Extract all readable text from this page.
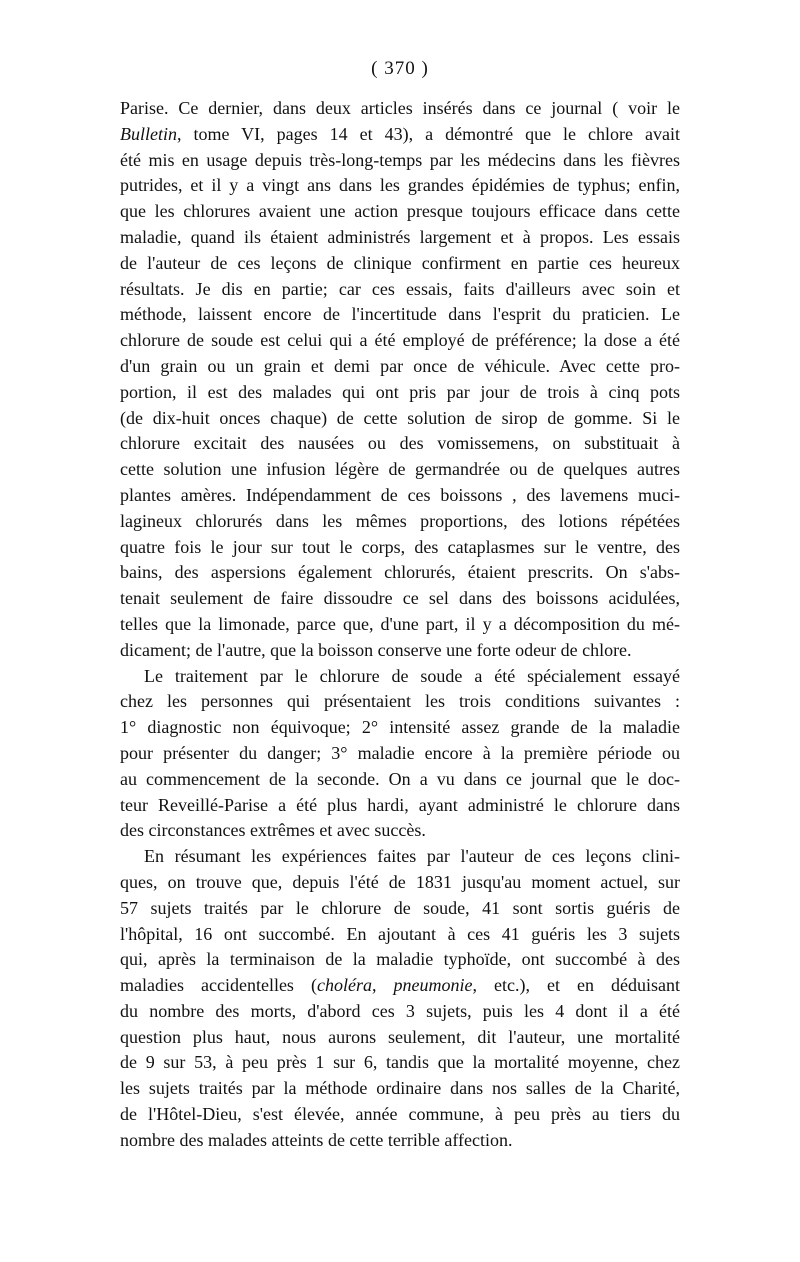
( 370 )
Parise. Ce dernier, dans deux articles insérés dans ce journal ( voir le
Bulletin, tome VI, pages 14 et 43), a démontré que le chlore avait
été mis en usage depuis très-long-temps par les médecins dans les fièvres
putrides, et il y a vingt ans dans les grandes épidémies de typhus; enfin,
que les chlorures avaient une action presque toujours efficace dans cette
maladie, quand ils étaient administrés largement et à propos. Les essais
de l'auteur de ces leçons de clinique confirment en partie ces heureux
résultats. Je dis en partie; car ces essais, faits d'ailleurs avec soin et
méthode, laissent encore de l'incertitude dans l'esprit du praticien. Le
chlorure de soude est celui qui a été employé de préférence; la dose a été
d'un grain ou un grain et demi par once de véhicule. Avec cette pro-
portion, il est des malades qui ont pris par jour de trois à cinq pots
(de dix-huit onces chaque) de cette solution de sirop de gomme. Si le
chlorure excitait des nausées ou des vomissemens, on substituait à
cette solution une infusion légère de germandrée ou de quelques autres
plantes amères. Indépendamment de ces boissons , des lavemens muci-
lagineux chlorurés dans les mêmes proportions, des lotions répétées
quatre fois le jour sur tout le corps, des cataplasmes sur le ventre, des
bains, des aspersions également chlorurés, étaient prescrits. On s'abs-
tenait seulement de faire dissoudre ce sel dans des boissons acidulées,
telles que la limonade, parce que, d'une part, il y a décomposition du mé-
dicament; de l'autre, que la boisson conserve une forte odeur de chlore.
Le traitement par le chlorure de soude a été spécialement essayé
chez les personnes qui présentaient les trois conditions suivantes :
1° diagnostic non équivoque; 2° intensité assez grande de la maladie
pour présenter du danger; 3° maladie encore à la première période ou
au commencement de la seconde. On a vu dans ce journal que le doc-
teur Reveillé-Parise a été plus hardi, ayant administré le chlorure dans
des circonstances extrêmes et avec succès.
En résumant les expériences faites par l'auteur de ces leçons clini-
ques, on trouve que, depuis l'été de 1831 jusqu'au moment actuel, sur
57 sujets traités par le chlorure de soude, 41 sont sortis guéris de
l'hôpital, 16 ont succombé. En ajoutant à ces 41 guéris les 3 sujets
qui, après la terminaison de la maladie typhoïde, ont succombé à des
maladies accidentelles (choléra, pneumonie, etc.), et en déduisant
du nombre des morts, d'abord ces 3 sujets, puis les 4 dont il a été
question plus haut, nous aurons seulement, dit l'auteur, une mortalité
de 9 sur 53, à peu près 1 sur 6, tandis que la mortalité moyenne, chez
les sujets traités par la méthode ordinaire dans nos salles de la Charité,
de l'Hôtel-Dieu, s'est élevée, année commune, à peu près au tiers du
nombre des malades atteints de cette terrible affection.
